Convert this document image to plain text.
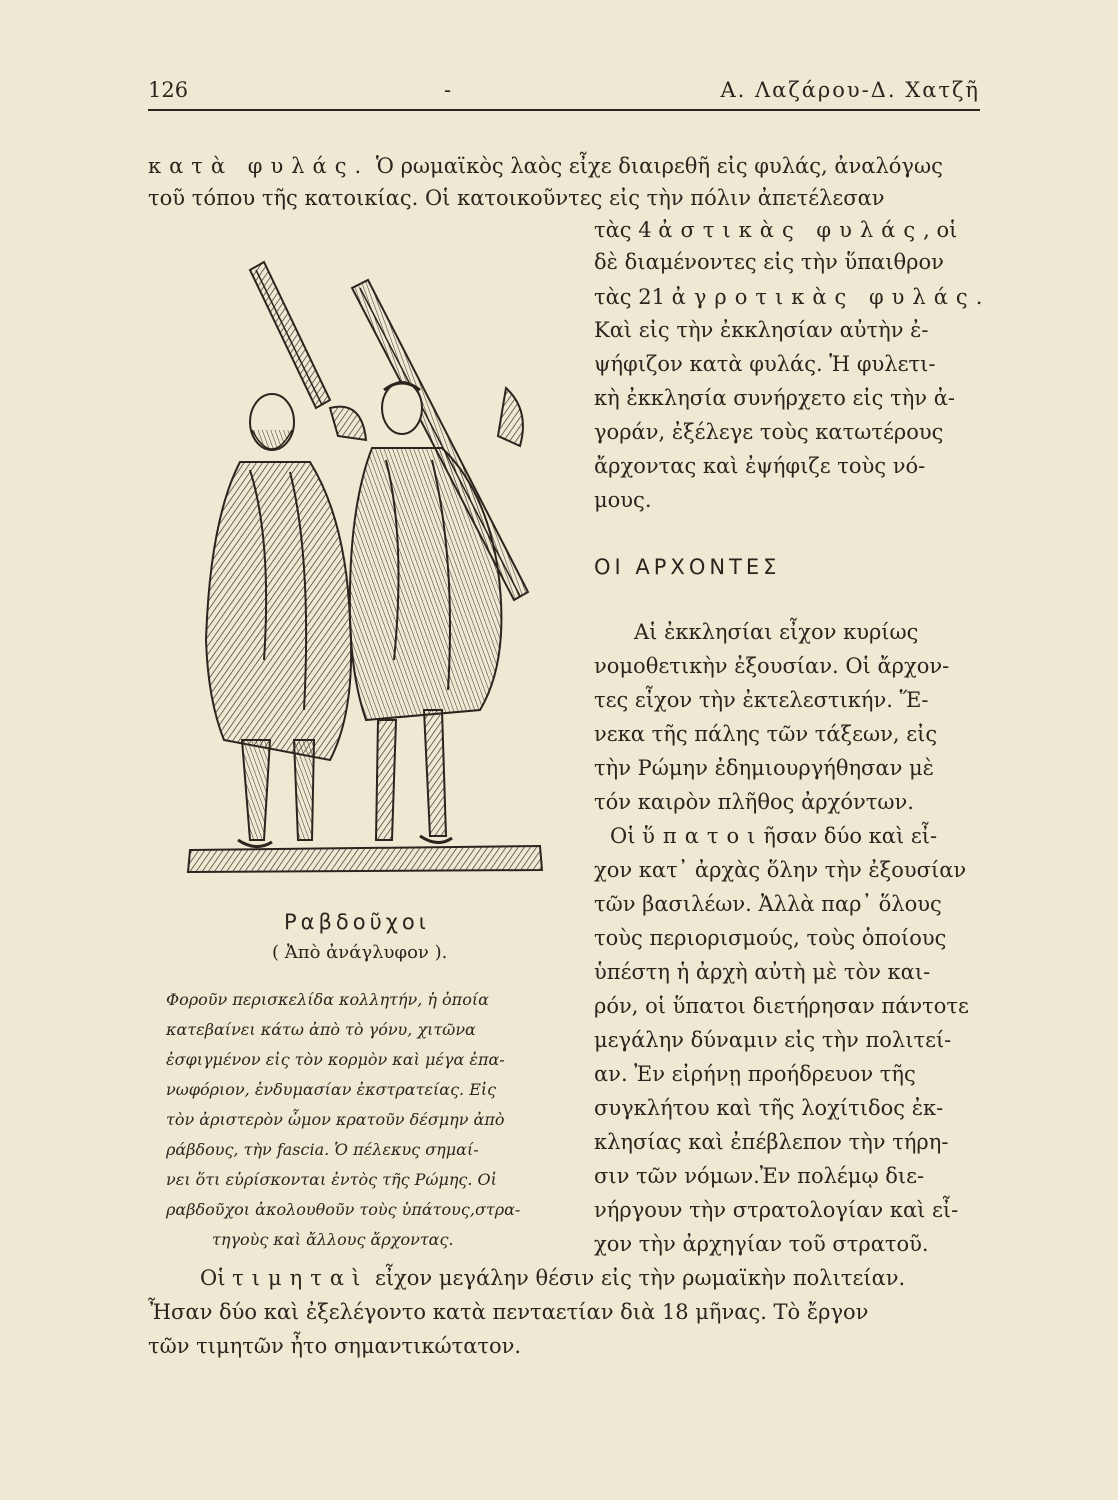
126	-	Α. Λαζάρου-Δ. Χατζῆ
κατὰ φυλάς. Ὁ ρωμαϊκὸς λαὸς εἶχε διαιρεθῆ εἰς φυλάς, ἀναλόγως
τοῦ τόπου τῆς κατοικίας. Οἱ κατοικοῦντες εἰς τὴν πόλιν ἀπετέλεσαν
τὰς 4 ἀστικὰς φυλάς, οἱ
δὲ διαμένοντες εἰς τὴν ὕπαιθρον
τὰς 21 ἀγροτικὰς φυλάς.
Καὶ εἰς τὴν ἐκκλησίαν αὐτὴν ἐ-
ψήφιζον κατὰ φυλάς. Ἡ φυλετι-
κὴ ἐκκλησία συνήρχετο εἰς τὴν ἀ-
γοράν, ἐξέλεγε τοὺς κατωτέρους
ἄρχοντας καὶ ἐψήφιζε τοὺς νό-
μους.
ΟΙ ΑΡΧΟΝΤΕΣ
Αἱ ἐκκλησίαι εἶχον κυρίως
νομοθετικὴν ἐξουσίαν. Οἱ ἄρχον-
τες εἶχον τὴν ἐκτελεστικήν. Ἕ-
νεκα τῆς πάλης τῶν τάξεων, εἰς
τὴν Ρώμην ἐδημιουργήθησαν μὲ
τόν καιρὸν πλῆθος ἀρχόντων.
Οἱ ὕπατοιῆσαν δύο καὶ εἶ-
χον κατ᾿ ἀρχὰς ὅλην τὴν ἐξουσίαν
τῶν βασιλέων. Ἀλλὰ παρ᾿ ὅλους
τοὺς περιορισμούς, τοὺς ὁποίους
ὑπέστη ἡ ἀρχὴ αὐτὴ μὲ τὸν και-
ρόν, οἱ ὕπατοι διετήρησαν πάντοτε
μεγάλην δύναμιν εἰς τὴν πολιτεί-
αν. Ἐν εἰρήνῃ προήδρευον τῆς
συγκλήτου καὶ τῆς λοχίτιδος ἐκ-
κλησίας καὶ ἐπέβλεπον τὴν τήρη-
σιν τῶν νόμων.Ἐν πολέμῳ διε-
νήργουν τὴν στρατολογίαν καὶ εἶ-
χον τὴν ἀρχηγίαν τοῦ στρατοῦ.
Ραβδοῦχοι
( Ἀπὸ ἀνάγλυφον ).
Φοροῦν περισκελίδα κολλητήν, ἡ ὁποία
κατεβαίνει κάτω ἀπὸ τὸ γόνυ, χιτῶνα
ἐσφιγμένον εἰς τὸν κορμὸν καὶ μέγα ἐπα-
νωφόριον, ἐνδυμασίαν ἐκστρατείας. Εἰς
τὸν ἀριστερὸν ὦμον κρατοῦν δέσμην ἀπὸ
ράβδους, τὴν fascia. Ὁ πέλεκυς σημαί-
νει ὅτι εὑρίσκονται ἐντὸς τῆς Ρώμης. Οἱ
ραβδοῦχοι ἀκολουθοῦν τοὺς ὑπάτους,στρα-
τηγοὺς καὶ ἄλλους ἄρχοντας.
Οἱ τιμηταὶ εἶχον μεγάλην θέσιν εἰς τὴν ρωμαϊκὴν πολιτείαν.
Ἦσαν δύο καὶ ἐξελέγοντο κατὰ πενταετίαν διὰ 18 μῆνας. Τὸ ἔργον
τῶν τιμητῶν ἦτο σημαντικώτατον.
